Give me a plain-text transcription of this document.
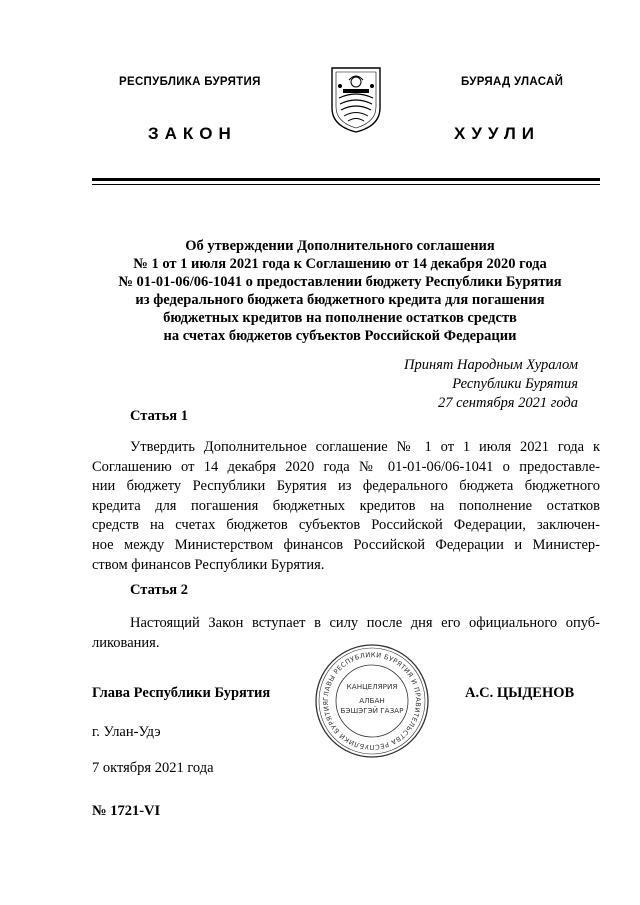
РЕСПУБЛИКА БУРЯТИЯ	БУРЯАД УЛАСАЙ
ЗАКОН	ХУУЛИ
Об утверждении Дополнительного соглашения
№ 1 от 1 июля 2021 года к Соглашению от 14 декабря 2020 года
№ 01-01-06/06-1041 о предоставлении бюджету Республики Бурятия
из федерального бюджета бюджетного кредита для погашения
бюджетных кредитов на пополнение остатков средств
на счетах бюджетов субъектов Российской Федерации
Принят Народным Хуралом
Республики Бурятия
27 сентября 2021 года
Статья 1
Утвердить Дополнительное соглашение № 1 от 1 июля 2021 года к
Соглашению от 14 декабря 2020 года № 01-01-06/06-1041 о предоставле-
нии бюджету Республики Бурятия из федерального бюджета бюджетного
кредита для погашения бюджетных кредитов на пополнение остатков
средств на счетах бюджетов субъектов Российской Федерации, заключен-
ное между Министерством финансов Российской Федерации и Министер-
ством финансов Республики Бурятия.
Статья 2
Настоящий Закон вступает в силу после дня его официального опуб-
ликования.
ГЛАВЫ РЕСПУБЛИКИ БУРЯТИЯ И ПРАВИТЕЛЬСТВА РЕСПУБЛИКИ БУРЯТИЯ
КАНЦЕЛЯРИЯ
АЛБАН
БЭШЭГЭЙ ГАЗАР
Глава Республики Бурятия	А.С. ЦЫДЕНОВ
г. Улан-Удэ
7 октября 2021 года
№ 1721-VI
